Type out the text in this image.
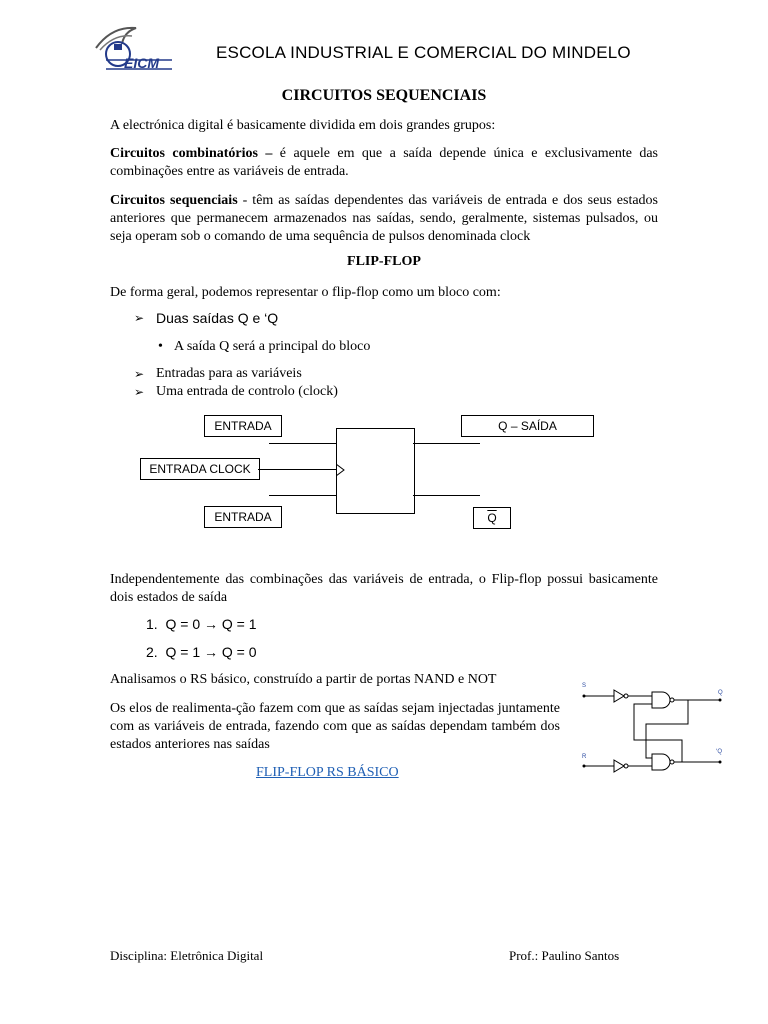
EICM
ESCOLA INDUSTRIAL E COMERCIAL DO MINDELO
CIRCUITOS SEQUENCIAIS
A electrónica digital é basicamente dividida em dois grandes grupos:
Circuitos combinatórios – é aquele em que a saída depende única e exclusivamente das combinações entre as variáveis de entrada.
Circuitos sequenciais - têm as saídas dependentes das variáveis de entrada e dos seus estados anteriores que permanecem armazenados nas saídas, sendo, geralmente, sistemas pulsados, ou seja operam sob o comando de uma sequência de pulsos denominada clock
FLIP-FLOP
De forma geral, podemos representar o flip-flop como um bloco com:
➢ Duas saídas Q e ‘Q
• A saída Q será a principal do bloco
➢ Entradas para as variáveis
➢ Uma entrada de controlo (clock)
ENTRADA
ENTRADA CLOCK
ENTRADA
Q – SAÍDA
$\overline{Q}$
Independentemente das combinações das variáveis de entrada, o Flip-flop possui basicamente dois estados de saída
1.  Q = 0 → Q = 1
2.  Q = 1 → Q = 0
Analisamos o RS básico, construído a partir de portas NAND e NOT
Os elos de realimenta-ção fazem com que as saídas sejam injectadas juntamente com as variáveis de entrada, fazendo com que as saídas dependam também dos estados anteriores nas saídas
FLIP-FLOP RS BÁSICO
S
R
Q
‘Q
Disciplina: Eletrônica Digital	Prof.: Paulino Santos
